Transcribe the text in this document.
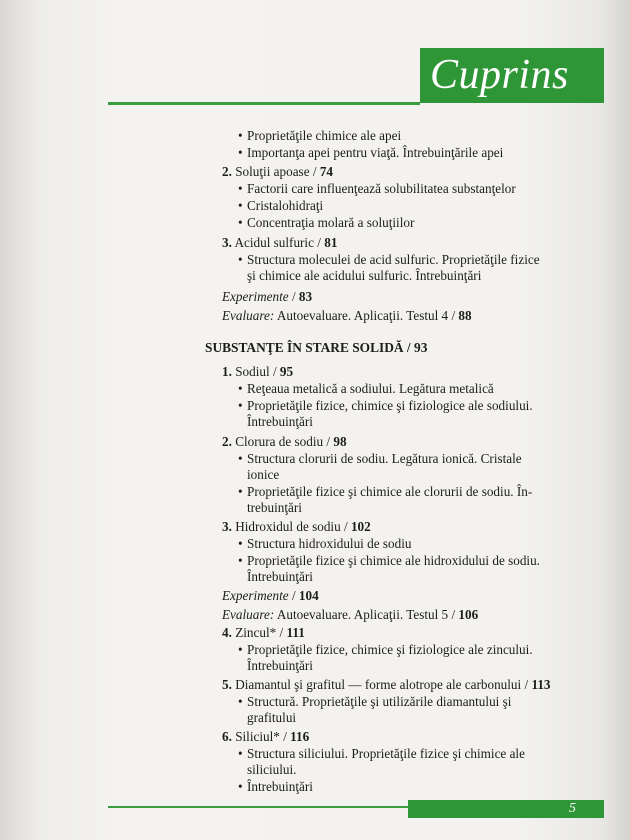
Cuprins
• Proprietăţile chimice ale apei
• Importanţa apei pentru viaţă. Întrebuinţările apei
2. Soluţii apoase / 74
• Factorii care influenţează solubilitatea substanţelor
• Cristalohidraţi
• Concentraţia molară a soluţiilor
3. Acidul sulfuric / 81
• Structura moleculei de acid sulfuric. Proprietăţile fizice
şi chimice ale acidului sulfuric. Întrebuinţări
Experimente / 83
Evaluare: Autoevaluare. Aplicaţii. Testul 4 / 88
SUBSTANŢE ÎN STARE SOLIDĂ / 93
1. Sodiul / 95
• Reţeaua metalică a sodiului. Legătura metalică
• Proprietăţile fizice, chimice şi fiziologice ale sodiului.
Întrebuinţări
2. Clorura de sodiu / 98
• Structura clorurii de sodiu. Legătura ionică. Cristale
ionice
• Proprietăţile fizice şi chimice ale clorurii de sodiu. În-
trebuinţări
3. Hidroxidul de sodiu / 102
• Structura hidroxidului de sodiu
• Proprietăţile fizice şi chimice ale hidroxidului de sodiu.
Întrebuinţări
Experimente / 104
Evaluare: Autoevaluare. Aplicaţii. Testul 5 / 106
4. Zincul* / 111
• Proprietăţile fizice, chimice şi fiziologice ale zincului.
Întrebuinţări
5. Diamantul şi grafitul — forme alotrope ale carbonului / 113
• Structură. Proprietăţile şi utilizările diamantului şi
grafitului
6. Siliciul* / 116
• Structura siliciului. Proprietăţile fizice şi chimice ale
siliciului.
• Întrebuinţări
5
